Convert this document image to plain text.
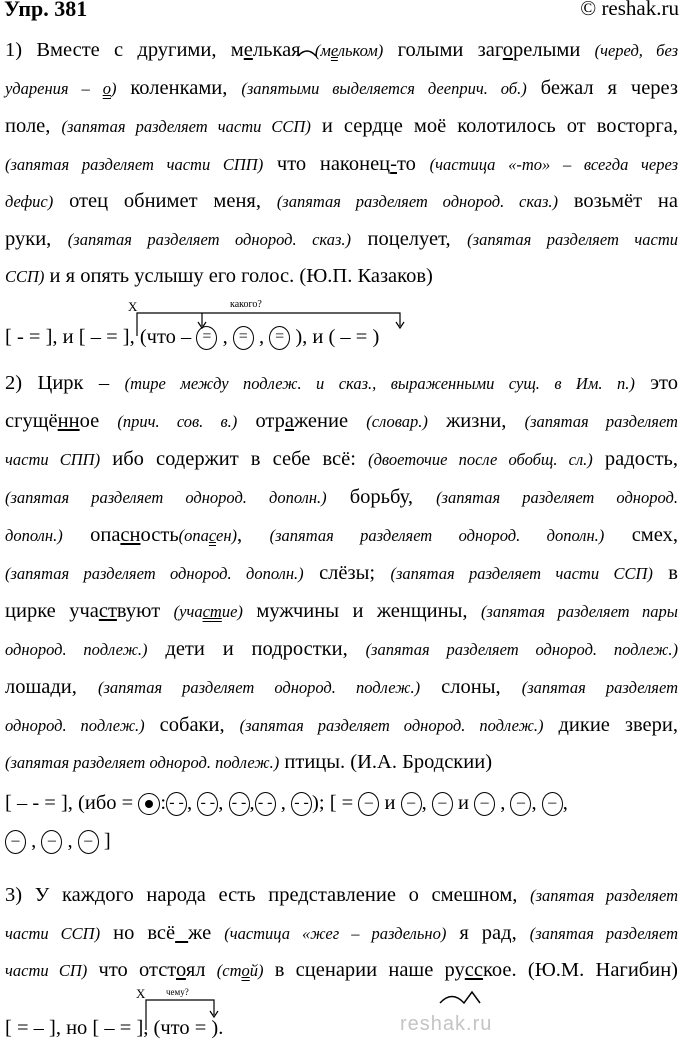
Упр. 381	© reshak.ru
1) Вместе с другими, мелькая (мельком) голыми загорелыми (черед, без
ударения – о) коленками, (запятыми выделяется дееприч. об.) бежал я через
поле, (запятая разделяет части ССП) и сердце моё колотилось от восторга,
(запятая разделяет части СПП) что наконец-то (частица «-то» – всегда через
дефис) отец обнимет меня, (запятая разделяет однород. сказ.) возьмёт на
руки, (запятая разделяет однород. сказ.) поцелует, (запятая разделяет части
ССП) и я опять услышу его голос. (Ю.П. Казаков)
[ - = ], и [ – = ], (что – = , = , = ), и ( – = )
2) Цирк – (тире между подлеж. и сказ., выраженными сущ. в Им. п.) это
сгущённое (прич. сов. в.) отражение (словар.) жизни, (запятая разделяет
части СПП) ибо содержит в себе всё: (двоеточие после обобщ. сл.) радость,
(запятая разделяет однород. дополн.) борьбу, (запятая разделяет однород.
дополн.) опасность(опасен), (запятая разделяет однород. дополн.) смех,
(запятая разделяет однород. дополн.) слёзы; (запятая разделяет части ССП) в
цирке участвуют (участие) мужчины и женщины, (запятая разделяет пары
однород. подлеж.) дети и подростки, (запятая разделяет однород. подлеж.)
лошади, (запятая разделяет однород. подлеж.) слоны, (запятая разделяет
однород. подлеж.) собаки, (запятая разделяет однород. подлеж.) дикие звери,
(запятая разделяет однород. подлеж.) птицы. (И.А. Бродскии)
[ – - = ], (ибо = : - - , - - , - - , - - , - - ); [ = – и – , – и – , – , – ,
– , – , – ]
3) У каждого народа есть представление о смешном, (запятая разделяет
части ССП) но всё же (частица «жег – раздельно) я рад, (запятая разделяет
части СП) что отстоял (стой) в сценарии наше русское. (Ю.М. Нагибин)
[ = – ], но [ – = ], (что = ).
какого?
X
чему?
X
reshak.ru
